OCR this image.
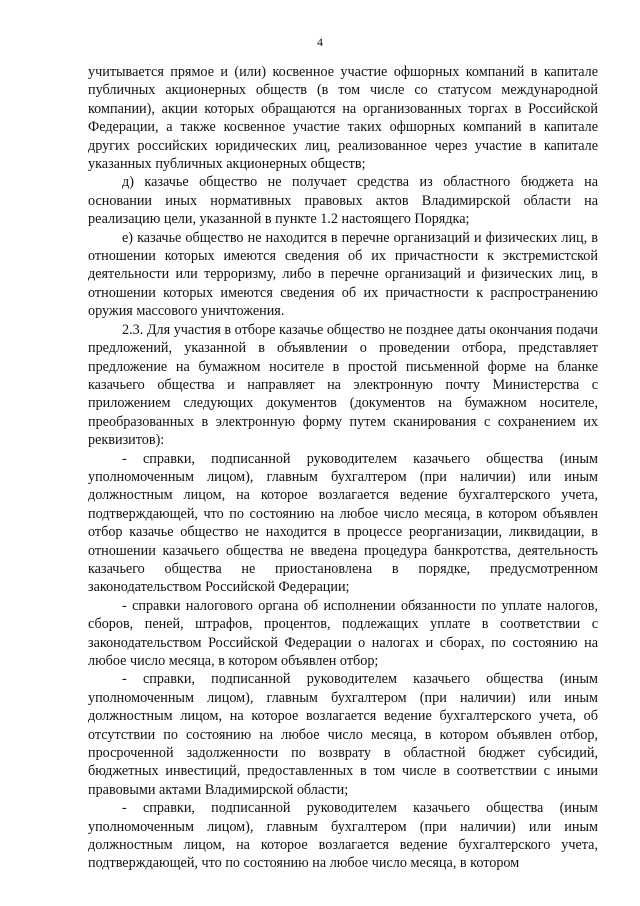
4

учитывается прямое и (или) косвенное участие офшорных компаний в капитале публичных акционерных обществ (в том числе со статусом международной компании), акции которых обращаются на организованных торгах в Российской Федерации, а также косвенное участие таких офшорных компаний в капитале других российских юридических лиц, реализованное через участие в капитале указанных публичных акционерных обществ;

д) казачье общество не получает средства из областного бюджета на основании иных нормативных правовых актов Владимирской области на реализацию цели, указанной в пункте 1.2 настоящего Порядка;

е) казачье общество не находится в перечне организаций и физических лиц, в отношении которых имеются сведения об их причастности к экстремистской деятельности или терроризму, либо в перечне организаций и физических лиц, в отношении которых имеются сведения об их причастности к распространению оружия массового уничтожения.

2.3. Для участия в отборе казачье общество не позднее даты окончания подачи предложений, указанной в объявлении о проведении отбора, представляет предложение на бумажном носителе в простой письменной форме на бланке казачьего общества и направляет на электронную почту Министерства с приложением следующих документов (документов на бумажном носителе, преобразованных в электронную форму путем сканирования с сохранением их реквизитов):

- справки, подписанной руководителем казачьего общества (иным уполномоченным лицом), главным бухгалтером (при наличии) или иным должностным лицом, на которое возлагается ведение бухгалтерского учета, подтверждающей, что по состоянию на любое число месяца, в котором объявлен отбор казачье общество не находится в процессе реорганизации, ликвидации, в отношении казачьего общества не введена процедура банкротства, деятельность казачьего общества не приостановлена в порядке, предусмотренном законодательством Российской Федерации;

- справки налогового органа об исполнении обязанности по уплате налогов, сборов, пеней, штрафов, процентов, подлежащих уплате в соответствии с законодательством Российской Федерации о налогах и сборах, по состоянию на любое число месяца, в котором объявлен отбор;

- справки, подписанной руководителем казачьего общества (иным уполномоченным лицом), главным бухгалтером (при наличии) или иным должностным лицом, на которое возлагается ведение бухгалтерского учета, об отсутствии по состоянию на любое число месяца, в котором объявлен отбор, просроченной задолженности по возврату в областной бюджет субсидий, бюджетных инвестиций, предоставленных в том числе в соответствии с иными правовыми актами Владимирской области;

- справки, подписанной руководителем казачьего общества (иным уполномоченным лицом), главным бухгалтером (при наличии) или иным должностным лицом, на которое возлагается ведение бухгалтерского учета, подтверждающей, что по состоянию на любое число месяца, в котором
